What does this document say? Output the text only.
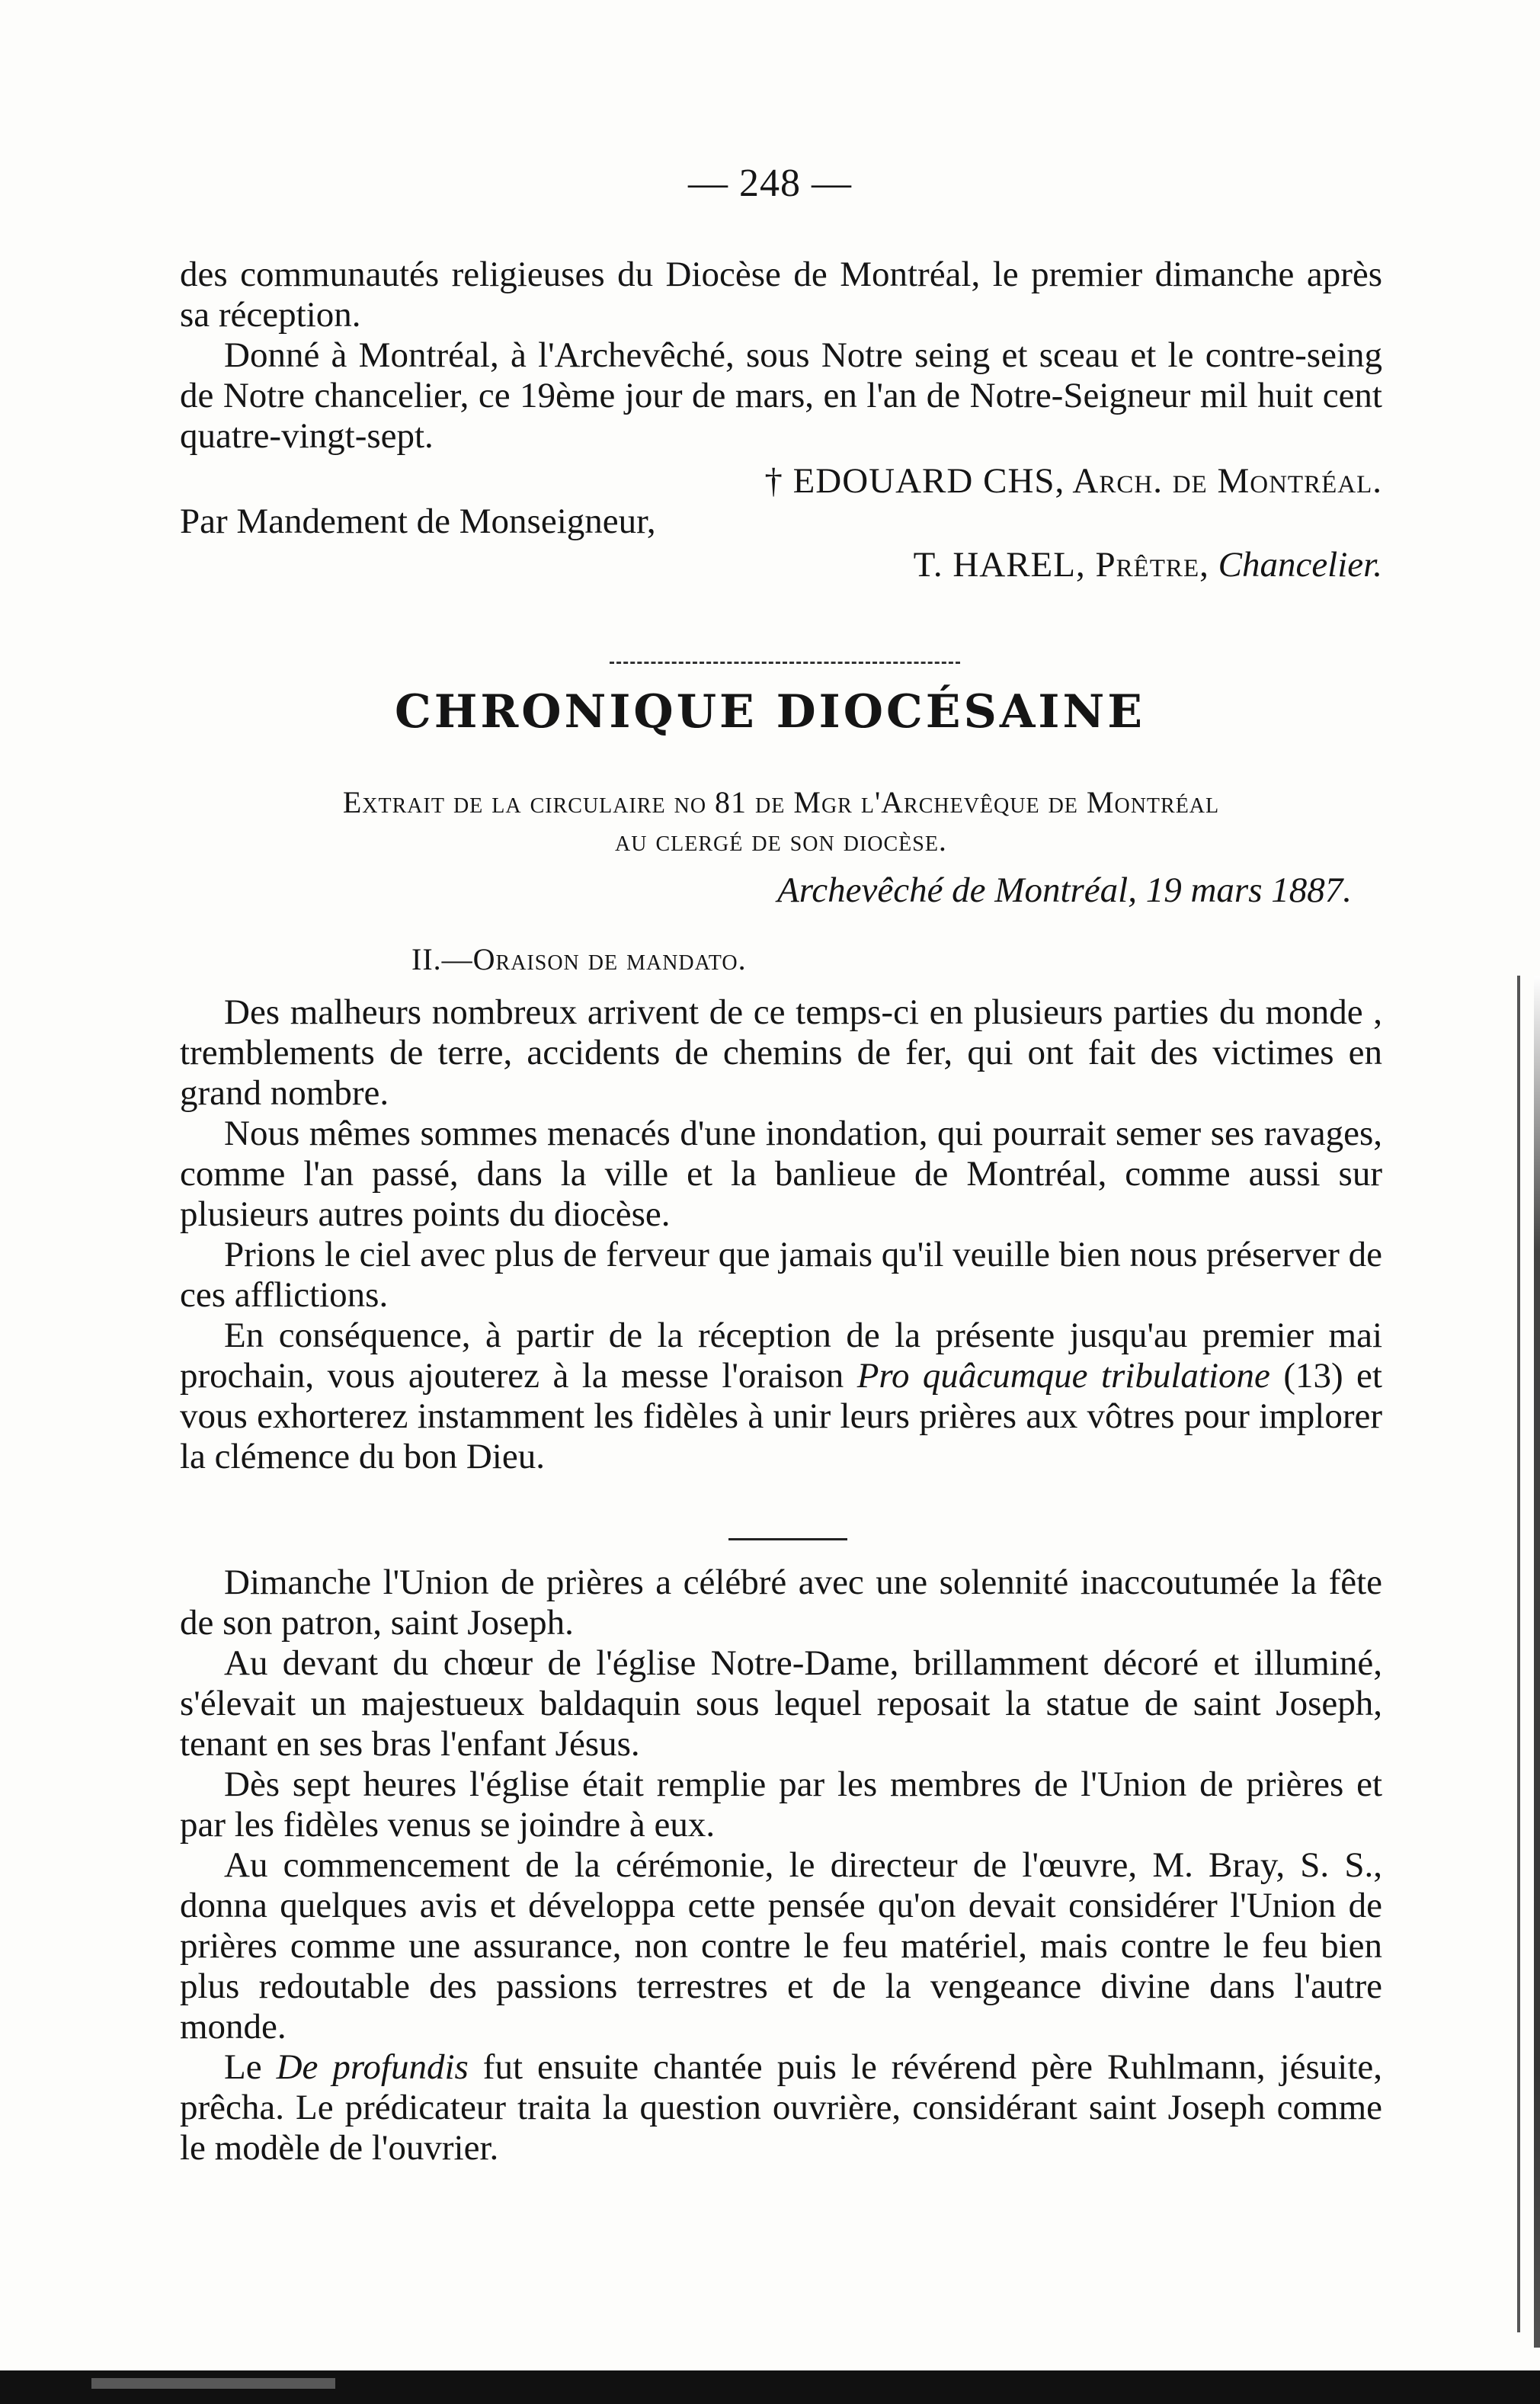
— 248 —

des communautés religieuses du Diocèse de Montréal, le premier dimanche après sa réception.

Donné à Montréal, à l'Archevêché, sous Notre seing et sceau et le contre-seing de Notre chancelier, ce 19ème jour de mars, en l'an de Notre-Seigneur mil huit cent quatre-vingt-sept.

† EDOUARD CHS, Arch. de Montréal.

Par Mandement de Monseigneur,

T. HAREL, Prêtre, Chancelier.

CHRONIQUE DIOCÉSAINE
Extrait de la circulaire no 81 de Mgr l'Archevêque de Montréal
au clergé de son diocèse.
Archevêché de Montréal, 19 mars 1887.
II.—Oraison de mandato.

Des malheurs nombreux arrivent de ce temps-ci en plusieurs parties du monde , tremblements de terre, accidents de chemins de fer, qui ont fait des victimes en grand nombre.

Nous mêmes sommes menacés d'une inondation, qui pourrait semer ses ravages, comme l'an passé, dans la ville et la banlieue de Montréal, comme aussi sur plusieurs autres points du diocèse.

Prions le ciel avec plus de ferveur que jamais qu'il veuille bien nous préserver de ces afflictions.

En conséquence, à partir de la réception de la présente jusqu'au premier mai prochain, vous ajouterez à la messe l'oraison Pro quâcumque tribulatione (13) et vous exhorterez instamment les fidèles à unir leurs prières aux vôtres pour implorer la clémence du bon Dieu.

Dimanche l'Union de prières a célébré avec une solennité inaccoutumée la fête de son patron, saint Joseph.

Au devant du chœur de l'église Notre-Dame, brillamment décoré et illuminé, s'élevait un majestueux baldaquin sous lequel reposait la statue de saint Joseph, tenant en ses bras l'enfant Jésus.

Dès sept heures l'église était remplie par les membres de l'Union de prières et par les fidèles venus se joindre à eux.

Au commencement de la cérémonie, le directeur de l'œuvre, M. Bray, S. S., donna quelques avis et développa cette pensée qu'on devait considérer l'Union de prières comme une assurance, non contre le feu matériel, mais contre le feu bien plus redoutable des passions terrestres et de la vengeance divine dans l'autre monde.

Le De profundis fut ensuite chantée puis le révérend père Ruhlmann, jésuite, prêcha. Le prédicateur traita la question ouvrière, considérant saint Joseph comme le modèle de l'ouvrier.
